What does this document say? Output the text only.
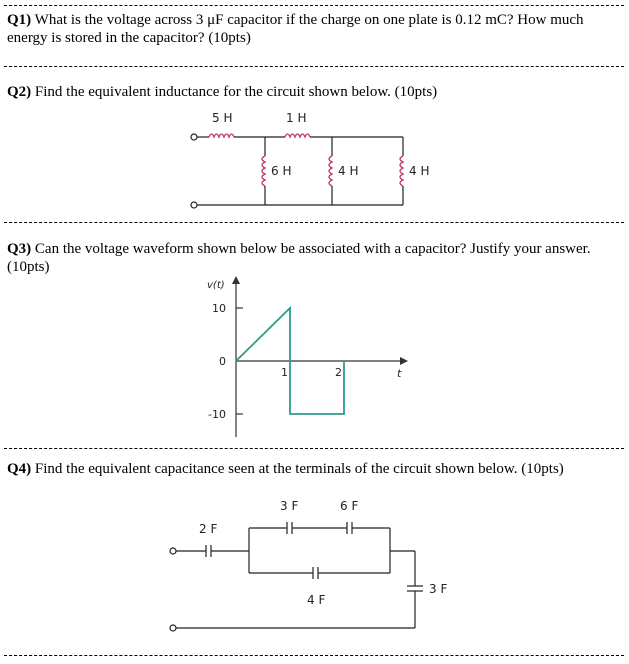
Q1) What is the voltage across 3 μF capacitor if the charge on one plate is 0.12 mC? How much energy is stored in the capacitor? (10pts)
Q2) Find the equivalent inductance for the circuit shown below. (10pts)
5 H	1 H
6 H	4 H	4 H
Q3) Can the voltage waveform shown below be associated with a capacitor? Justify your answer. (10pts)
v(t)
t
10
0
-10
1	2
Q4) Find the equivalent capacitance seen at the terminals of the circuit shown below. (10pts)
2 F
3 F	6 F
4 F
3 F
